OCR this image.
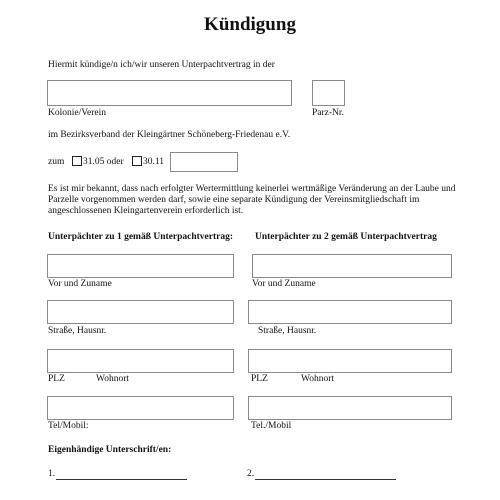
Kündigung
Hiermit kündige/n ich/wir unseren Unterpachtvertrag in der
Kolonie/Verein	Parz-Nr.
im Bezirksverband der Kleingärtner Schöneberg-Friedenau e.V.
zum 31.05 oder 30.11
Es ist mir bekannt, dass nach erfolgter Wertermittlung keinerlei wertmäßige Veränderung an der Laube und Parzelle vorgenommen werden darf, sowie eine separate Kündigung der Vereinsmitgliedschaft im angeschlossenen Kleingartenverein erforderlich ist.
Unterpächter zu 1 gemäß Unterpachtvertrag: Unterpächter zu 2 gemäß Unterpachtvertrag
Vor und Zuname	Vor und Zuname
Straße, Hausnr.	Straße, Hausnr.
PLZ	Wohnort	PLZ	Wohnort
Tel/Mobil:	Tel./Mobil
Eigenhändige Unterschrift/en:
1.	2.
